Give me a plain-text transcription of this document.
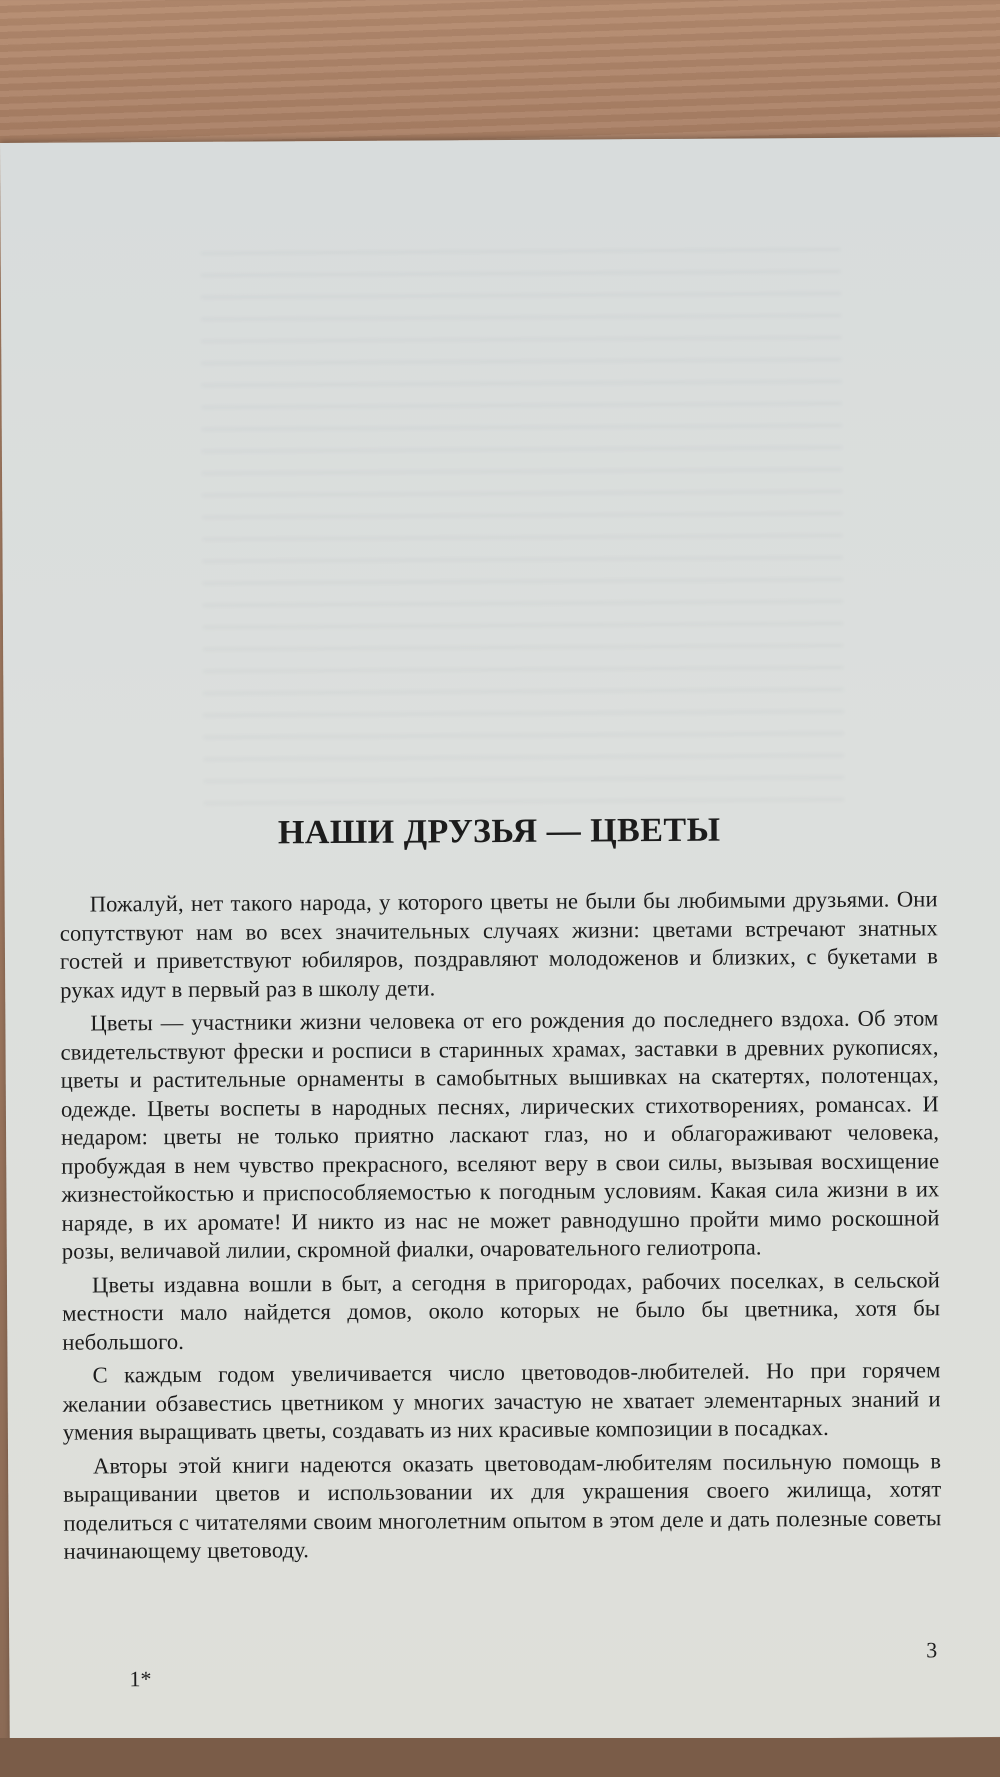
НАШИ ДРУЗЬЯ — ЦВЕТЫ

Пожалуй, нет такого народа, у которого цветы не были бы любимыми друзьями. Они сопутствуют нам во всех значительных случаях жизни: цветами встречают знатных гостей и приветствуют юбиляров, поздравляют молодоженов и близких, с букетами в руках идут в первый раз в школу дети.

Цветы — участники жизни человека от его рождения до последнего вздоха. Об этом свидетельствуют фрески и росписи в старинных храмах, заставки в древних рукописях, цветы и растительные орнаменты в самобытных вышивках на скатертях, полотенцах, одежде. Цветы воспеты в народных песнях, лирических стихотворениях, романсах. И недаром: цветы не только приятно ласкают глаз, но и облагораживают человека, пробуждая в нем чувство прекрасного, вселяют веру в свои силы, вызывая восхищение жизнестойкостью и приспособляемостью к погодным условиям. Какая сила жизни в их наряде, в их аромате! И никто из нас не может равнодушно пройти мимо роскошной розы, величавой лилии, скромной фиалки, очаровательного гелиотропа.

Цветы издавна вошли в быт, а сегодня в пригородах, рабочих поселках, в сельской местности мало найдется домов, около которых не было бы цветника, хотя бы небольшого.

С каждым годом увеличивается число цветоводов-любителей. Но при горячем желании обзавестись цветником у многих зачастую не хватает элементарных знаний и умения выращивать цветы, создавать из них красивые композиции в посадках.

Авторы этой книги надеются оказать цветоводам-любителям посильную помощь в выращивании цветов и использовании их для украшения своего жилища, хотят поделиться с читателями своим многолетним опытом в этом деле и дать полезные советы начинающему цветоводу.

3

1*
